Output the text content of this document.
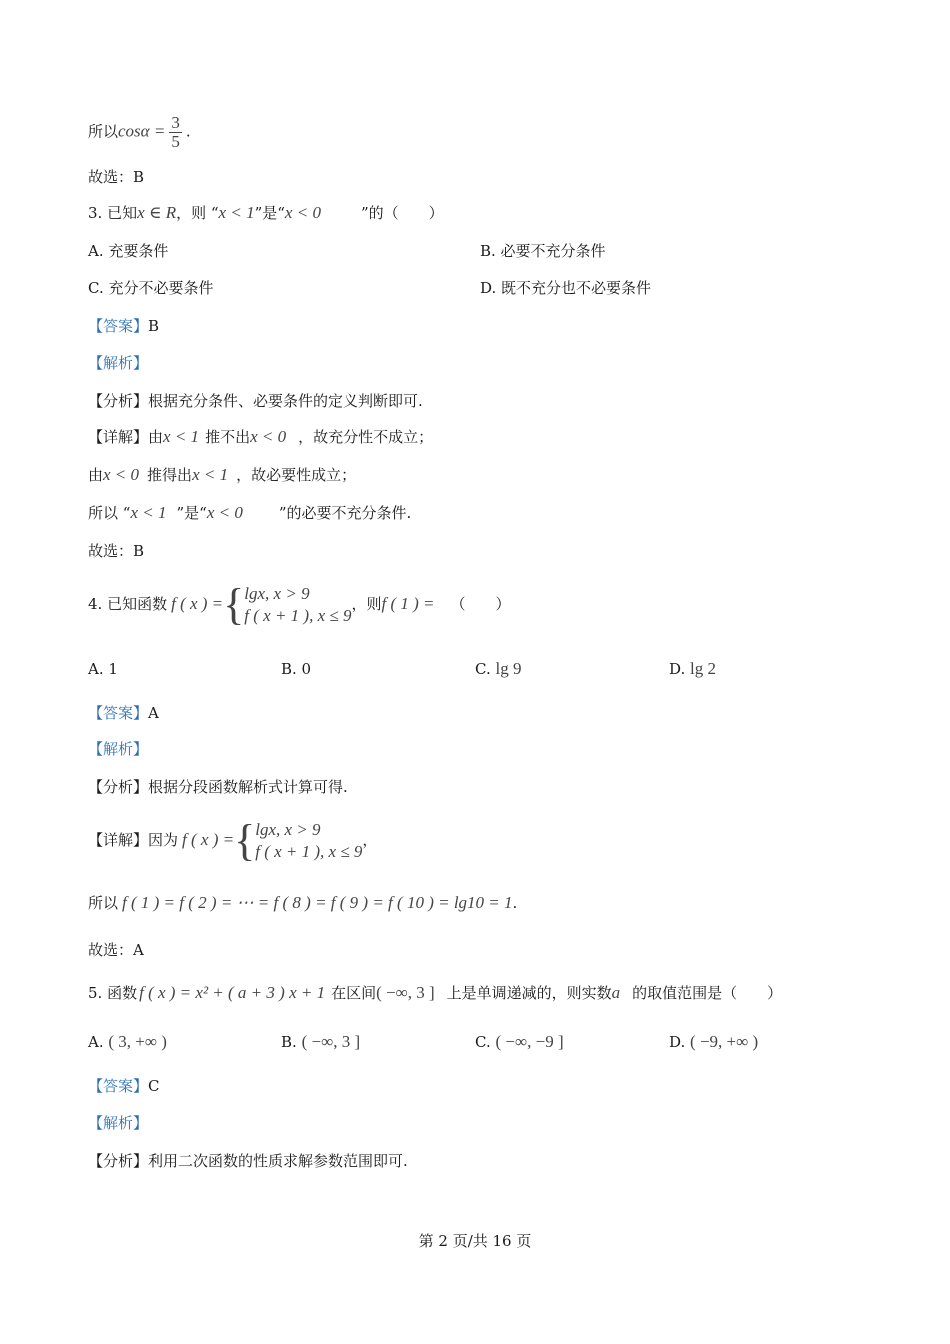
所以$\cos\alpha = \frac{3}{5}$ .
故选：B
3. 已知x ∈ R，则 “x < 1”是“x < 0	”的（　　）
A. 充要条件	B. 必要不充分条件
C. 充分不必要条件	D. 既不充分也不必要条件
【答案】B
【解析】
【分析】根据充分条件、必要条件的定义判断即可.
【详解】由x < 1 推不出x < 0 ，故充分性不成立；
由x < 0 推得出x < 1 ，故必要性成立；
所以 “x < 1 ”是“x < 0 ”的必要不充分条件.
故选：B
4. 已知函数 f ( x ) ={ lgx, x > 9
f ( x + 1 ), x ≤ 9
，则f ( 1 ) = （　　）
A. 1	B. 0	C. lg 9	D. lg 2
【答案】A
【解析】
【分析】根据分段函数解析式计算可得.
【详解】因为 f ( x ) ={ lgx, x > 9
f ( x + 1 ), x ≤ 9
，
所以 f ( 1 ) = f ( 2 ) = ⋯ = f ( 8 ) = f ( 9 ) = f ( 10 ) = lg10 = 1.
故选：A
5. 函数 f ( x ) = x² + ( a + 3 ) x + 1 在区间( −∞, 3 ] 上是单调递减的，则实数a 的取值范围是（　　）
A. ( 3, +∞ )	B. ( −∞, 3 ]	C. ( −∞, −9 ]	D. ( −9, +∞ )
【答案】C
【解析】
【分析】利用二次函数的性质求解参数范围即可.
第 2 页/共 16 页
